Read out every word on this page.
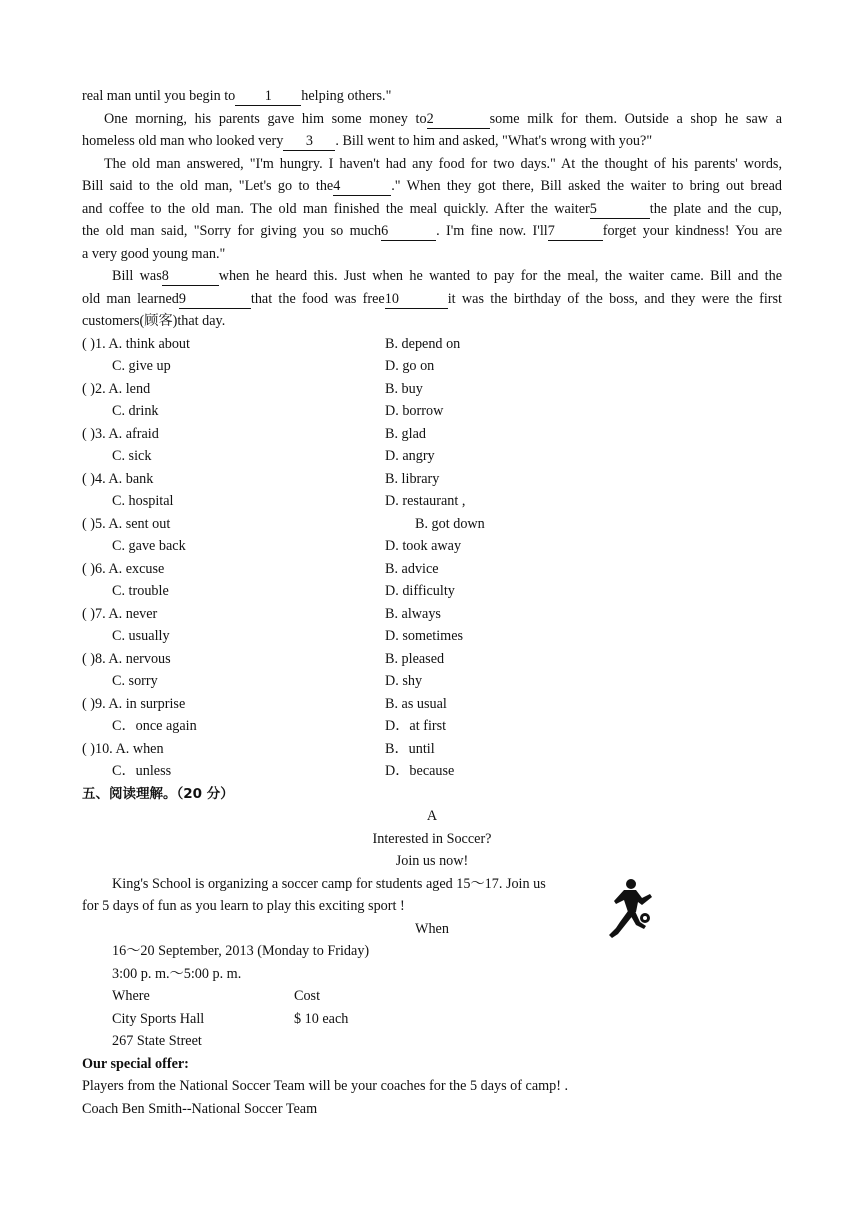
real man until you begin to 1 helping others."
One morning, his parents gave him some money to2	some milk for them. Outside a shop he saw a
homeless old man who looked very 3 . Bill went to him and asked, "What's wrong with you?"
The old man answered, "I'm hungry. I haven't had any food for two days." At the thought of his parents' words,
Bill said to the old man, "Let's go to the4	." When they got there, Bill asked the waiter to bring out bread
and coffee to the old man. The old man finished the meal quickly. After the waiter5	the plate and the cup,
the old man said, "Sorry for giving you so much6	. I'm fine now. I'll7	forget your kindness! You are
a very good young man."
Bill was8	when he heard this. Just when he wanted to pay for the meal, the waiter came. Bill and the
old man learned9	that the food was free10	it was the birthday of the boss, and they were the first
customers(顾客)that day.
( )1. A. think about	B. depend on
C. give up	D. go on
( )2. A. lend	B. buy
C. drink	D. borrow
( )3. A. afraid	B. glad
C. sick	D. angry
( )4. A. bank	B. library
C. hospital	D. restaurant ,
( )5. A. sent out	B. got down
C. gave back	D. took away
( )6. A. excuse	B. advice
C. trouble	D. difficulty
( )7. A. never	B. always
C. usually	D. sometimes
( )8. A. nervous	B. pleased
C. sorry	D. shy
( )9. A. in surprise	B. as usual
C．once again	D．at first
( )10. A. when	B．until
C．unless	D．because
五、阅读理解。（20 分）
A
Interested in Soccer?
Join us now!
King's School is organizing a soccer camp for students aged 15～17. Join us
for 5 days of fun as you learn to play this exciting sport !
When
16～20 September, 2013 (Monday to Friday)
3:00 p. m.～5:00 p. m.
Where	Cost
City Sports Hall	$ 10 each
267 State Street
Our special offer:
Players from the National Soccer Team will be your coaches for the 5 days of camp! .
Coach Ben Smith--National Soccer Team
